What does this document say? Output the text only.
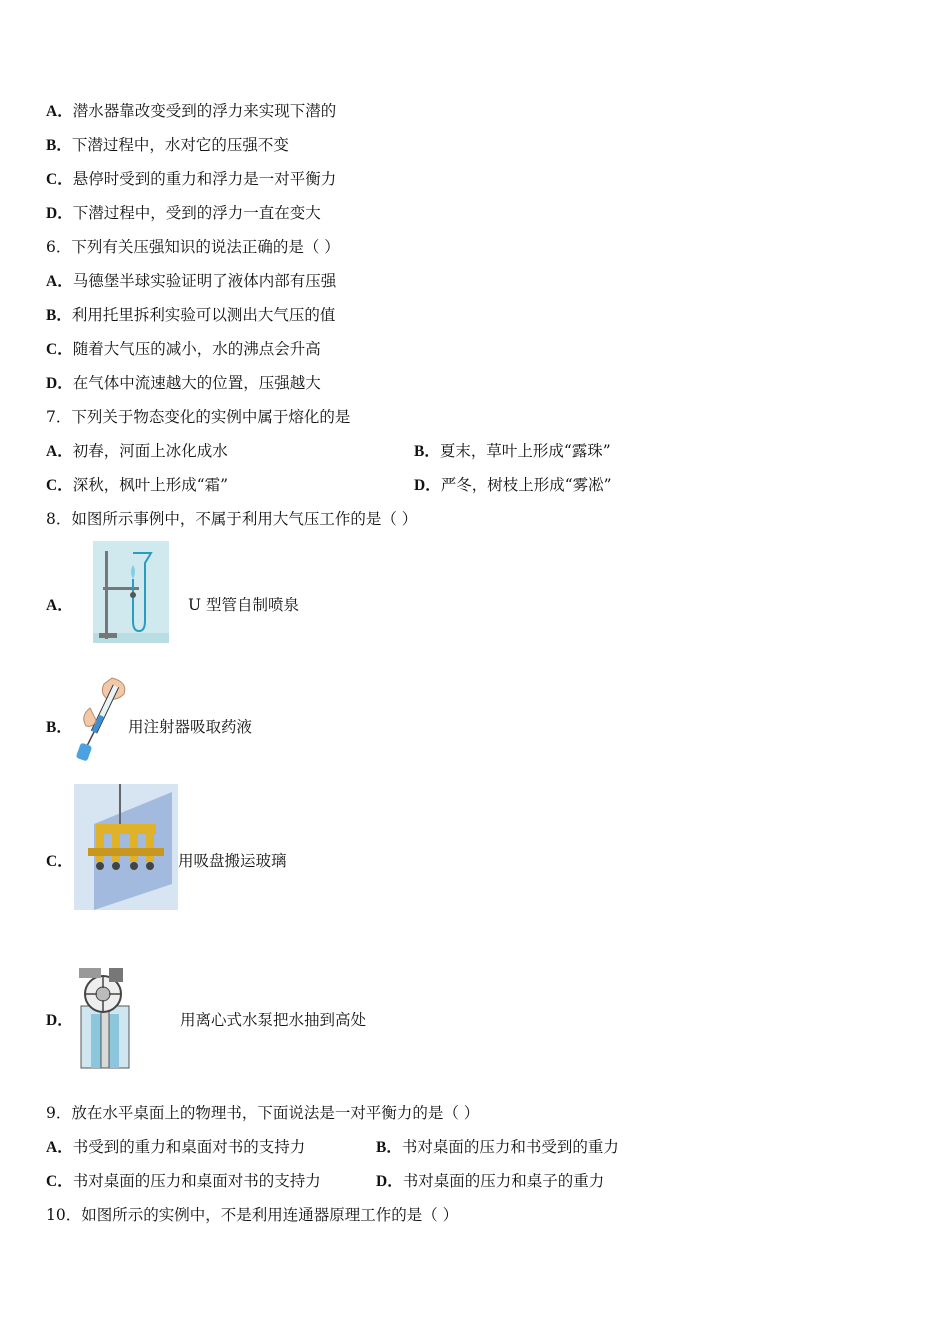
A．潜水器靠改变受到的浮力来实现下潜的
B．下潜过程中，水对它的压强不变
C．悬停时受到的重力和浮力是一对平衡力
D．下潜过程中，受到的浮力一直在变大
6．下列有关压强知识的说法正确的是（ ）
A．马德堡半球实验证明了液体内部有压强
B．利用托里拆利实验可以测出大气压的值
C．随着大气压的减小，水的沸点会升高
D．在气体中流速越大的位置，压强越大
7．下列关于物态变化的实例中属于熔化的是
A．初春，河面上冰化成水	B．夏末，草叶上形成“露珠”
C．深秋，枫叶上形成“霜”	D．严冬，树枝上形成“雾凇”
8．如图所示事例中，不属于利用大气压工作的是（ ）
A．	U 型管自制喷泉
B．	用注射器吸取药液
C．	用吸盘搬运玻璃
D．	用离心式水泵把水抽到高处
9．放在水平桌面上的物理书，下面说法是一对平衡力的是（ ）
A．书受到的重力和桌面对书的支持力	B．书对桌面的压力和书受到的重力
C．书对桌面的压力和桌面对书的支持力	D．书对桌面的压力和桌子的重力
10．如图所示的实例中，不是利用连通器原理工作的是（ ）
